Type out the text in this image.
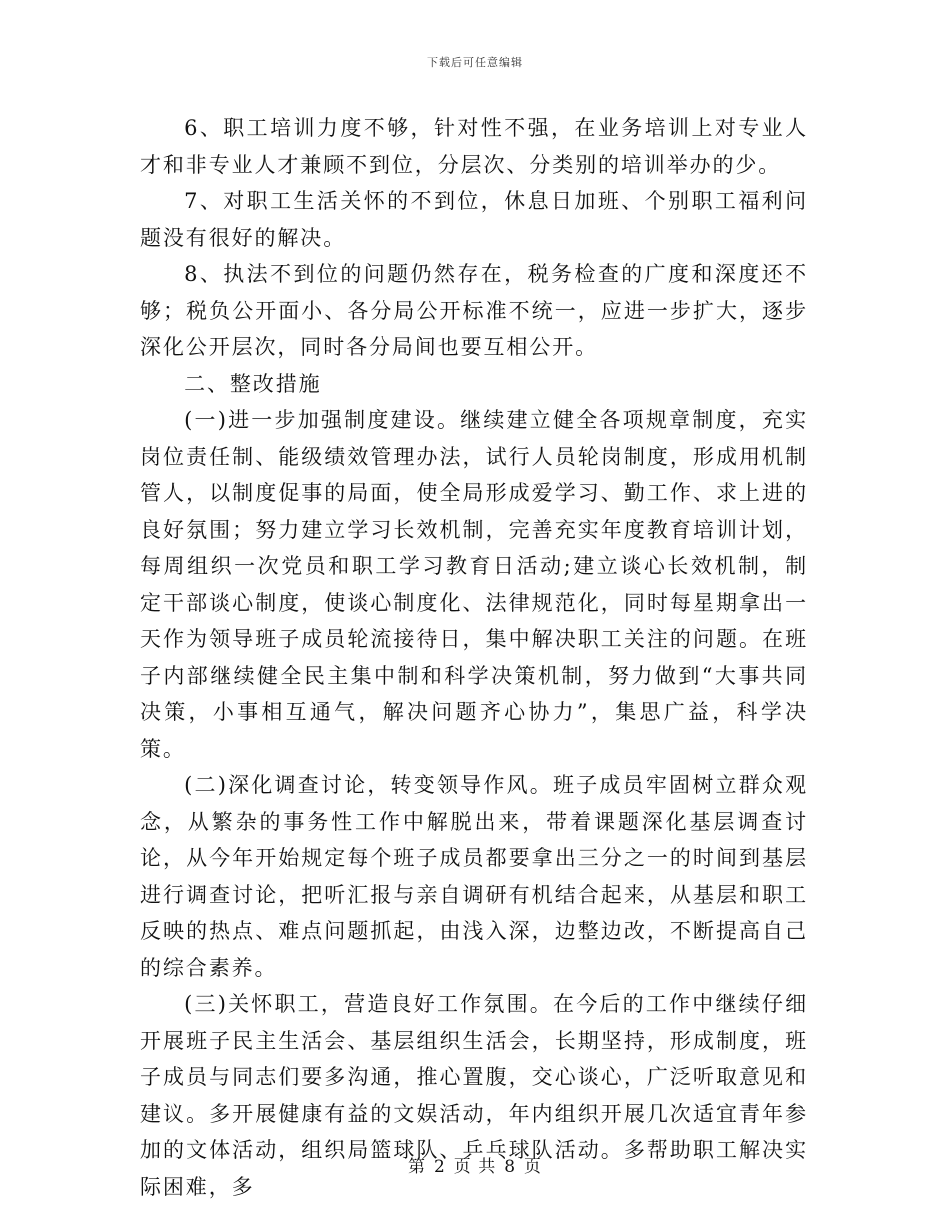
下载后可任意编辑

6、职工培训力度不够，针对性不强，在业务培训上对专业人才和非专业人才兼顾不到位，分层次、分类别的培训举办的少。

7、对职工生活关怀的不到位，休息日加班、个别职工福利问题没有很好的解决。

8、执法不到位的问题仍然存在，税务检查的广度和深度还不够；税负公开面小、各分局公开标准不统一，应进一步扩大，逐步深化公开层次，同时各分局间也要互相公开。

二、整改措施

(一)进一步加强制度建设。继续建立健全各项规章制度，充实岗位责任制、能级绩效管理办法，试行人员轮岗制度，形成用机制管人，以制度促事的局面，使全局形成爱学习、勤工作、求上进的良好氛围；努力建立学习长效机制，完善充实年度教育培训计划，每周组织一次党员和职工学习教育日活动;建立谈心长效机制，制定干部谈心制度，使谈心制度化、法律规范化，同时每星期拿出一天作为领导班子成员轮流接待日，集中解决职工关注的问题。在班子内部继续健全民主集中制和科学决策机制，努力做到“大事共同决策，小事相互通气，解决问题齐心协力”，集思广益，科学决策。

(二)深化调查讨论，转变领导作风。班子成员牢固树立群众观念，从繁杂的事务性工作中解脱出来，带着课题深化基层调查讨论，从今年开始规定每个班子成员都要拿出三分之一的时间到基层进行调查讨论，把听汇报与亲自调研有机结合起来，从基层和职工反映的热点、难点问题抓起，由浅入深，边整边改，不断提高自己的综合素养。

(三)关怀职工，营造良好工作氛围。在今后的工作中继续仔细开展班子民主生活会、基层组织生活会，长期坚持，形成制度，班子成员与同志们要多沟通，推心置腹，交心谈心，广泛听取意见和建议。多开展健康有益的文娱活动，年内组织开展几次适宜青年参加的文体活动，组织局篮球队、乒乓球队活动。多帮助职工解决实际困难，多

第 2 页 共 8 页
